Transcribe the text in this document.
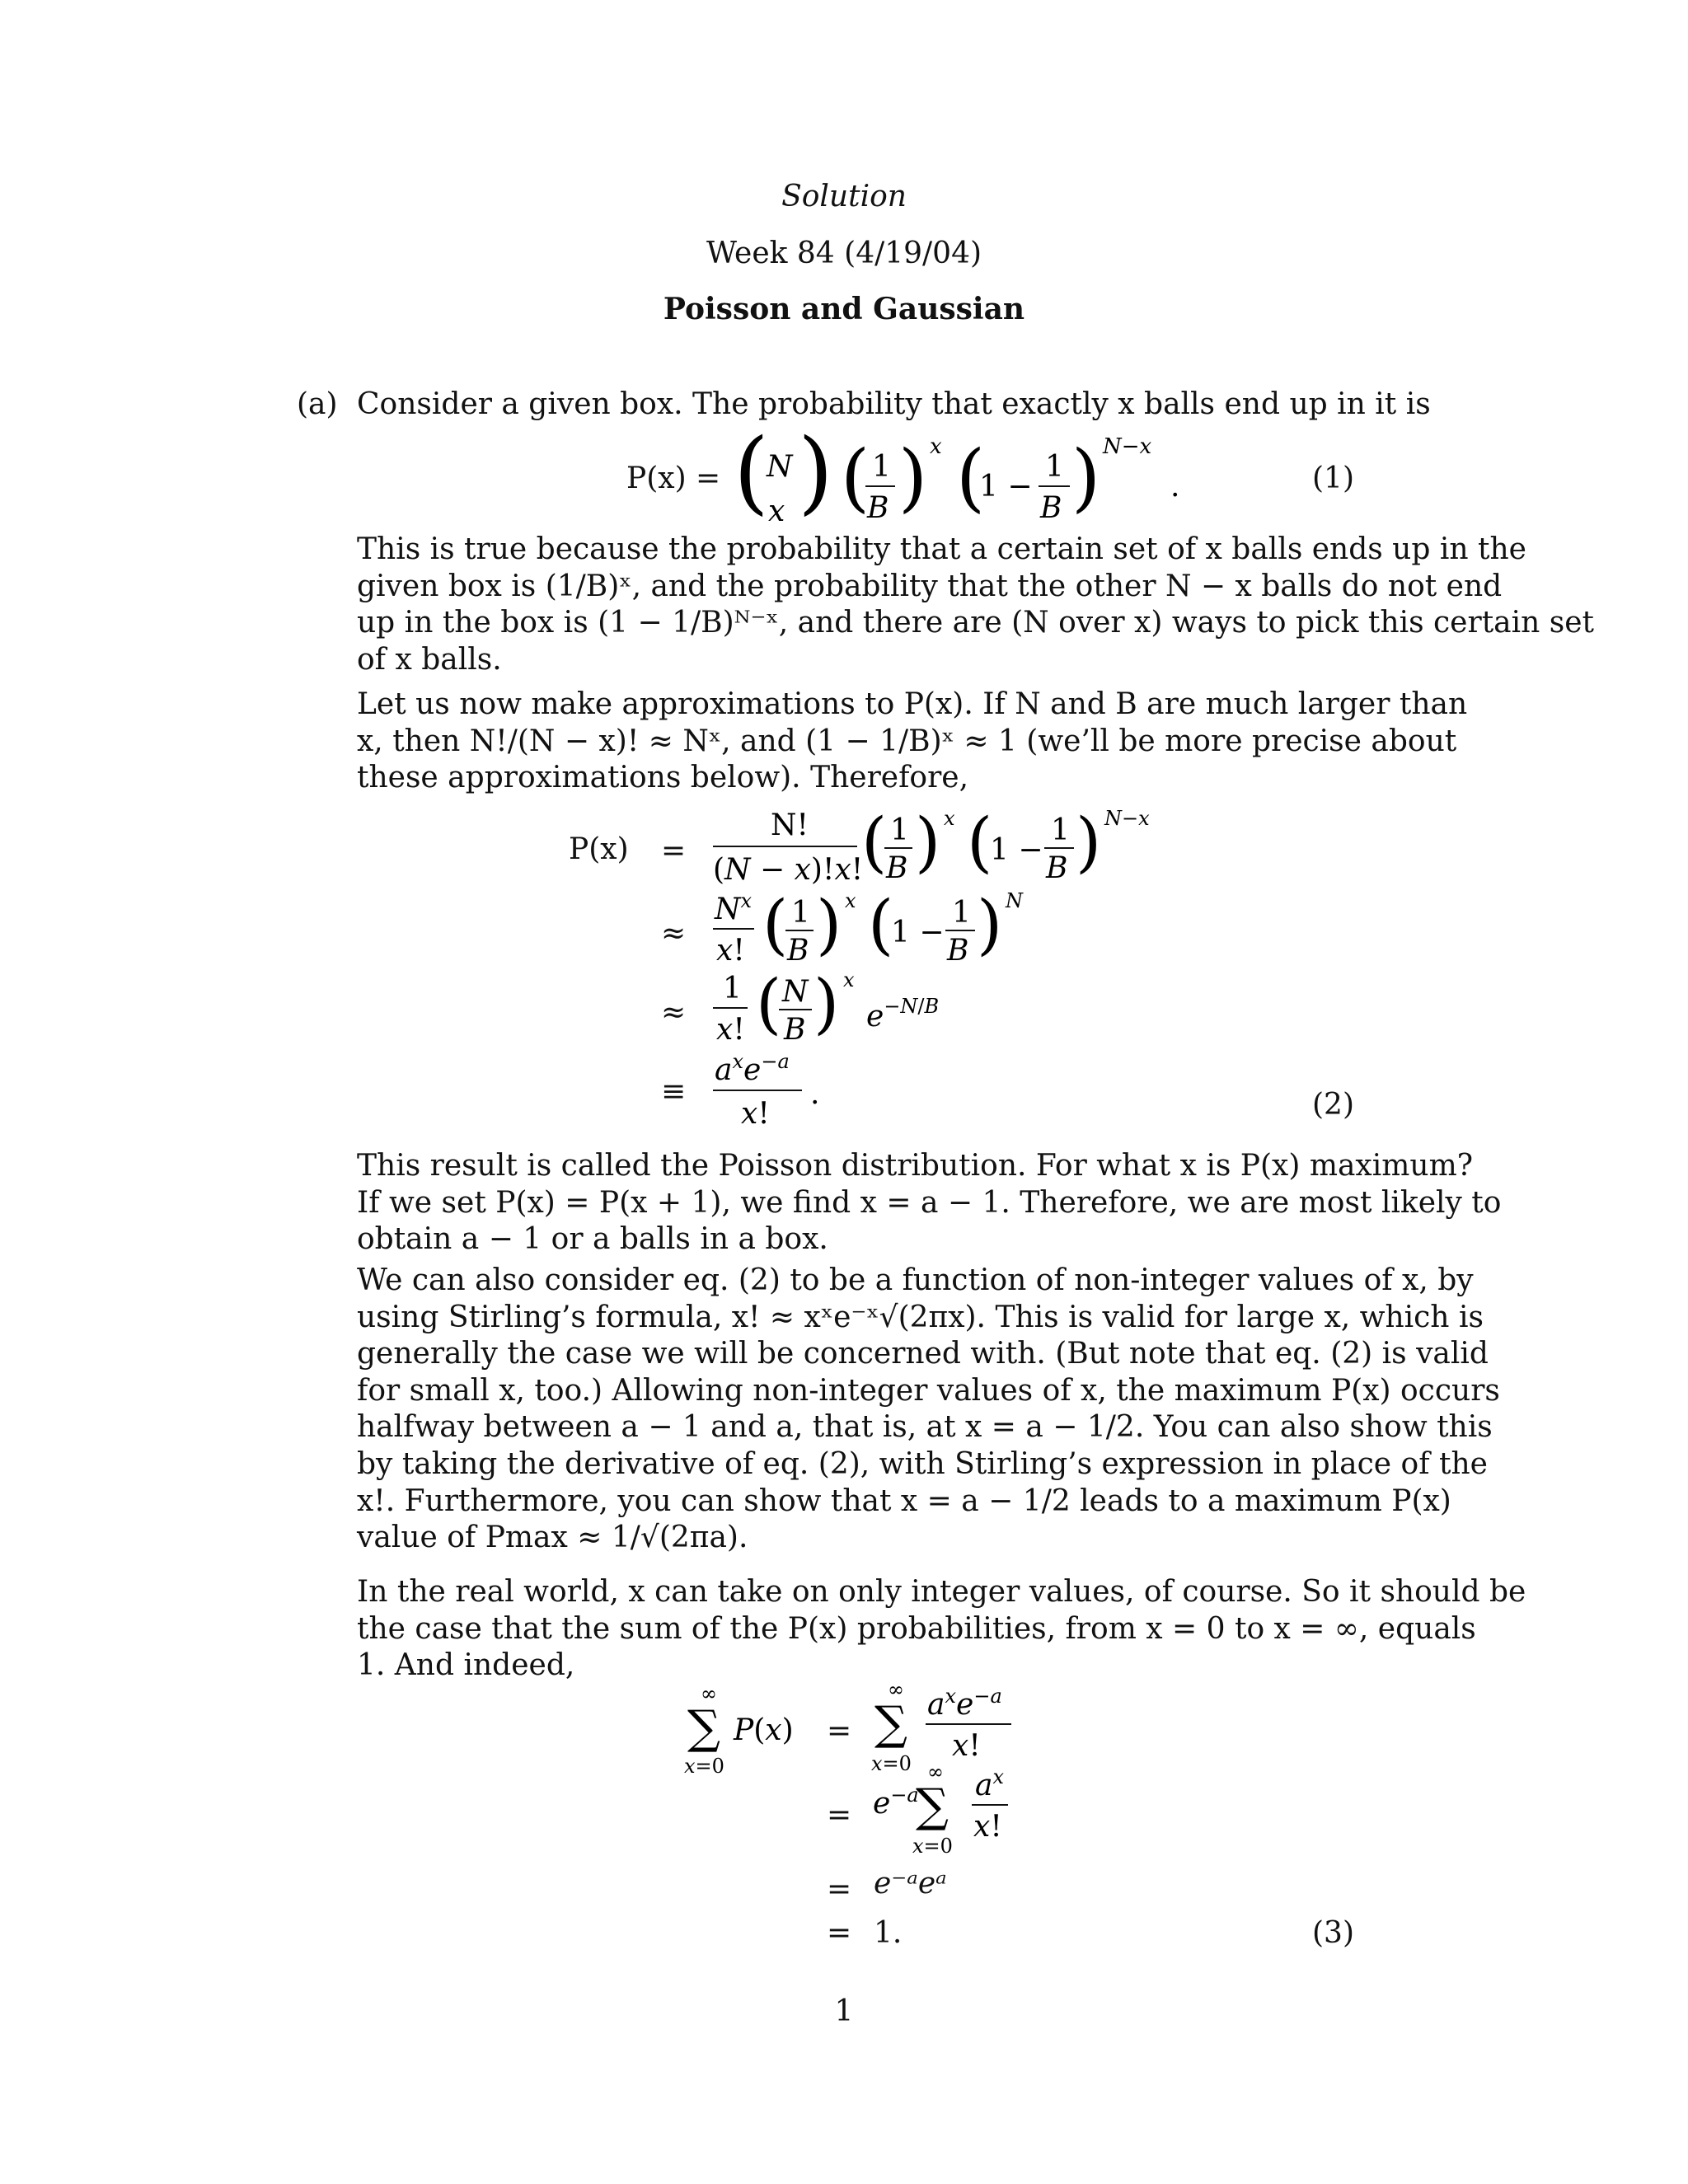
Solution
Week 84 (4/19/04)
Poisson and Gaussian
(a) Consider a given box. The probability that exactly x balls end up in it is
P(x) = (
N
x ) ( 1
B ) x (
1 −
1
B ) N−x
.	(1)
This is true because the probability that a certain set of x balls ends up in the
given box is (1/B)ˣ, and the probability that the other N − x balls do not end
up in the box is (1 − 1/B)ᴺ⁻ˣ, and there are (N over x) ways to pick this certain set
of x balls.
Let us now make approximations to P(x). If N and B are much larger than
x, then N!/(N − x)! ≈ Nˣ, and (1 − 1/B)ˣ ≈ 1 (we’ll be more precise about
these approximations below). Therefore,
P(x) =
≈
≈
≡
N!
(N − x)!x!
( 1
B ) x (
1 −
1
B ) N−x
$N^x$
x! ( 1
B ) x (
1 −
1
B ) N
1
x! ( N
B ) x
e−N/B
$a^xe^-a$
x!
.	(2)
This result is called the Poisson distribution. For what x is P(x) maximum?
If we set P(x) = P(x + 1), we find x = a − 1. Therefore, we are most likely to
obtain a − 1 or a balls in a box.
We can also consider eq. (2) to be a function of non-integer values of x, by
using Stirling’s formula, x! ≈ xˣe⁻ˣ√(2πx). This is valid for large x, which is
generally the case we will be concerned with. (But note that eq. (2) is valid
for small x, too.) Allowing non-integer values of x, the maximum P(x) occurs
halfway between a − 1 and a, that is, at x = a − 1/2. You can also show this
by taking the derivative of eq. (2), with Stirling’s expression in place of the
x!. Furthermore, you can show that x = a − 1/2 leads to a maximum P(x)
value of Pmax ≈ 1/√(2πa).
In the real world, x can take on only integer values, of course. So it should be
the case that the sum of the P(x) probabilities, from x = 0 to x = ∞, equals
1. And indeed,
∞
∑ P(x)
x=0
=
=
=
=
∞
∑
x=0
$a^xe^-a$
x!
e−a
∞
∑
x=0
$a^x$
x!
e⁻ᵃeᵃ
1.	(3)
1
